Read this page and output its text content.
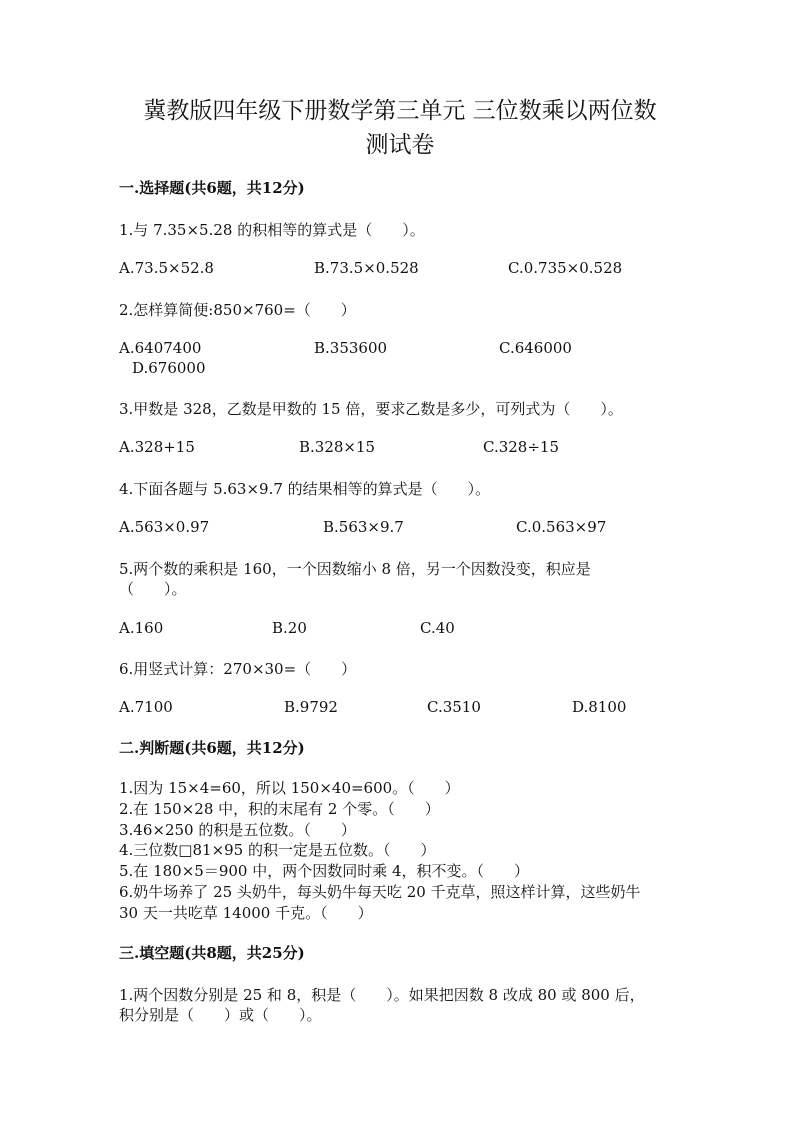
冀教版四年级下册数学第三单元 三位数乘以两位数
测试卷
一.选择题(共6题，共12分)
1.与 7.35×5.28 的积相等的算式是（　　）。
A.73.5×52.8	B.73.5×0.528	C.0.735×0.528
2.怎样算简便:850×760=（　　）
A.6407400	B.353600	C.646000
D.676000
3.甲数是 328，乙数是甲数的 15 倍，要求乙数是多少，可列式为（　　）。
A.328+15	B.328×15	C.328÷15
4.下面各题与 5.63×9.7 的结果相等的算式是（　　）。
A.563×0.97	B.563×9.7	C.0.563×97
5.两个数的乘积是 160，一个因数缩小 8 倍，另一个因数没变，积应是
（　　）。
A.160	B.20	C.40
6.用竖式计算：270×30=（　　）
A.7100	B.9792	C.3510	D.8100
二.判断题(共6题，共12分)
1.因为 15×4=60，所以 150×40=600。（　　）
2.在 150×28 中，积的末尾有 2 个零。（　　）
3.46×250 的积是五位数。（　　）
4.三位数□81×95 的积一定是五位数。（　　）
5.在 180×5＝900 中，两个因数同时乘 4，积不变。（　　）
6.奶牛场养了 25 头奶牛，每头奶牛每天吃 20 千克草，照这样计算，这些奶牛
30 天一共吃草 14000 千克。（　　）
三.填空题(共8题，共25分)
1.两个因数分别是 25 和 8，积是（　　）。如果把因数 8 改成 80 或 800 后，
积分别是（　　）或（　　）。
